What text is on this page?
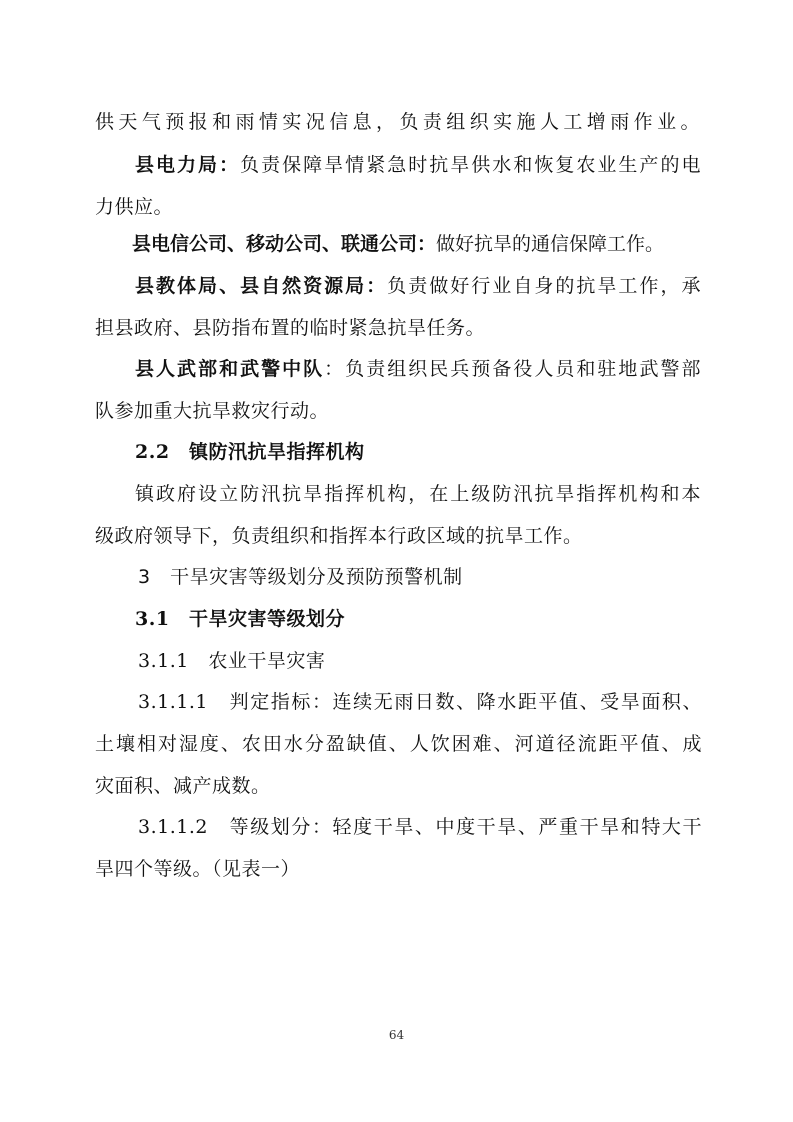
供天气预报和雨情实况信息，负责组织实施人工增雨作业。
县电力局：负责保障旱情紧急时抗旱供水和恢复农业生产的电
力供应。
县电信公司、移动公司、联通公司：做好抗旱的通信保障工作。
县教体局、县自然资源局：负责做好行业自身的抗旱工作，承
担县政府、县防指布置的临时紧急抗旱任务。
县人武部和武警中队：负责组织民兵预备役人员和驻地武警部
队参加重大抗旱救灾行动。
2.2　镇防汛抗旱指挥机构
镇政府设立防汛抗旱指挥机构，在上级防汛抗旱指挥机构和本
级政府领导下，负责组织和指挥本行政区域的抗旱工作。
3　干旱灾害等级划分及预防预警机制
3.1　干旱灾害等级划分
3.1.1　农业干旱灾害
3.1.1.1　判定指标：连续无雨日数、降水距平值、受旱面积、
土壤相对湿度、农田水分盈缺值、人饮困难、河道径流距平值、成
灾面积、减产成数。
3.1.1.2　等级划分：轻度干旱、中度干旱、严重干旱和特大干
旱四个等级。（见表一）
64
